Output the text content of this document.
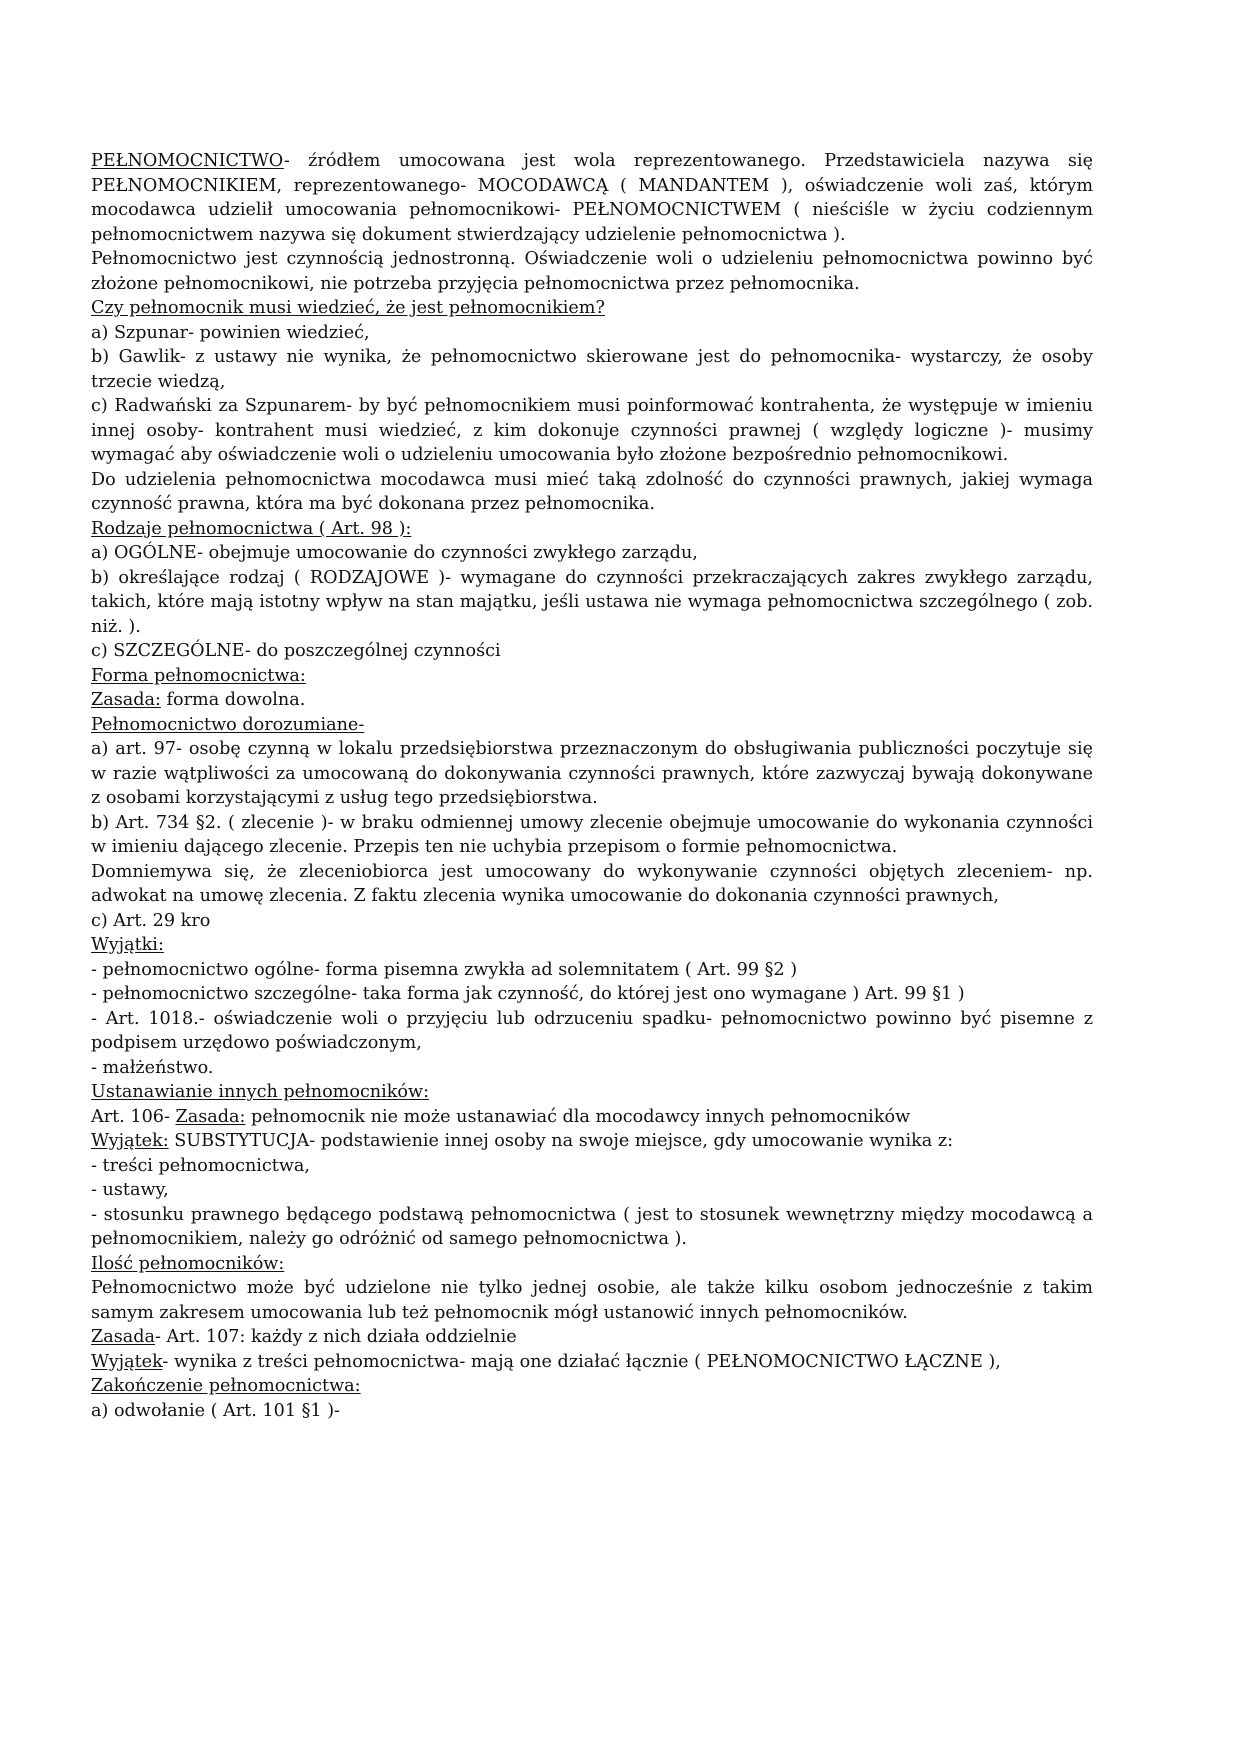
PEŁNOMOCNICTWO- źródłem umocowana jest wola reprezentowanego. Przedstawiciela nazywa się PEŁNOMOCNIKIEM, reprezentowanego- MOCODAWCĄ ( MANDANTEM ), oświadczenie woli zaś, którym mocodawca udzielił umocowania pełnomocnikowi- PEŁNOMOCNICTWEM ( nieściśle w życiu codziennym pełnomocnictwem nazywa się dokument stwierdzający udzielenie pełnomocnictwa ).

Pełnomocnictwo jest czynnością jednostronną. Oświadczenie woli o udzieleniu pełnomocnictwa powinno być złożone pełnomocnikowi, nie potrzeba przyjęcia pełnomocnictwa przez pełnomocnika.

Czy pełnomocnik musi wiedzieć, że jest pełnomocnikiem?

a) Szpunar- powinien wiedzieć,

b) Gawlik- z ustawy nie wynika, że pełnomocnictwo skierowane jest do pełnomocnika- wystarczy, że osoby trzecie wiedzą,

c) Radwański za Szpunarem- by być pełnomocnikiem musi poinformować kontrahenta, że występuje w imieniu innej osoby- kontrahent musi wiedzieć, z kim dokonuje czynności prawnej ( względy logiczne )- musimy wymagać aby oświadczenie woli o udzieleniu umocowania było złożone bezpośrednio pełnomocnikowi.

Do udzielenia pełnomocnictwa mocodawca musi mieć taką zdolność do czynności prawnych, jakiej wymaga czynność prawna, która ma być dokonana przez pełnomocnika.

Rodzaje pełnomocnictwa ( Art. 98 ):

a) OGÓLNE- obejmuje umocowanie do czynności zwykłego zarządu,

b) określające rodzaj ( RODZAJOWE )- wymagane do czynności przekraczających zakres zwykłego zarządu, takich, które mają istotny wpływ na stan majątku, jeśli ustawa nie wymaga pełnomocnictwa szczególnego ( zob. niż. ).

c) SZCZEGÓLNE- do poszczególnej czynności

Forma pełnomocnictwa:

Zasada: forma dowolna.

Pełnomocnictwo dorozumiane-

a) art. 97- osobę czynną w lokalu przedsiębiorstwa przeznaczonym do obsługiwania publiczności poczytuje się w razie wątpliwości za umocowaną do dokonywania czynności prawnych, które zazwyczaj bywają dokonywane z osobami korzystającymi z usług tego przedsiębiorstwa.

b) Art. 734 §2. ( zlecenie )- w braku odmiennej umowy zlecenie obejmuje umocowanie do wykonania czynności w imieniu dającego zlecenie. Przepis ten nie uchybia przepisom o formie pełnomocnictwa.

Domniemywa się, że zleceniobiorca jest umocowany do wykonywanie czynności objętych zleceniem- np. adwokat na umowę zlecenia. Z faktu zlecenia wynika umocowanie do dokonania czynności prawnych,

c) Art. 29 kro

Wyjątki:

- pełnomocnictwo ogólne- forma pisemna zwykła ad solemnitatem ( Art. 99 §2 )

- pełnomocnictwo szczególne- taka forma jak czynność, do której jest ono wymagane ) Art. 99 §1 )

- Art. 1018.- oświadczenie woli o przyjęciu lub odrzuceniu spadku- pełnomocnictwo powinno być pisemne z podpisem urzędowo poświadczonym,

- małżeństwo.

Ustanawianie innych pełnomocników:

Art. 106- Zasada: pełnomocnik nie może ustanawiać dla mocodawcy innych pełnomocników

Wyjątek: SUBSTYTUCJA- podstawienie innej osoby na swoje miejsce, gdy umocowanie wynika z:

- treści pełnomocnictwa,

- ustawy,

- stosunku prawnego będącego podstawą pełnomocnictwa ( jest to stosunek wewnętrzny między mocodawcą a pełnomocnikiem, należy go odróżnić od samego pełnomocnictwa ).

Ilość pełnomocników:

Pełnomocnictwo może być udzielone nie tylko jednej osobie, ale także kilku osobom jednocześnie z takim samym zakresem umocowania lub też pełnomocnik mógł ustanowić innych pełnomocników.

Zasada- Art. 107: każdy z nich działa oddzielnie

Wyjątek- wynika z treści pełnomocnictwa- mają one działać łącznie ( PEŁNOMOCNICTWO ŁĄCZNE ),

Zakończenie pełnomocnictwa:

a) odwołanie ( Art. 101 §1 )-
